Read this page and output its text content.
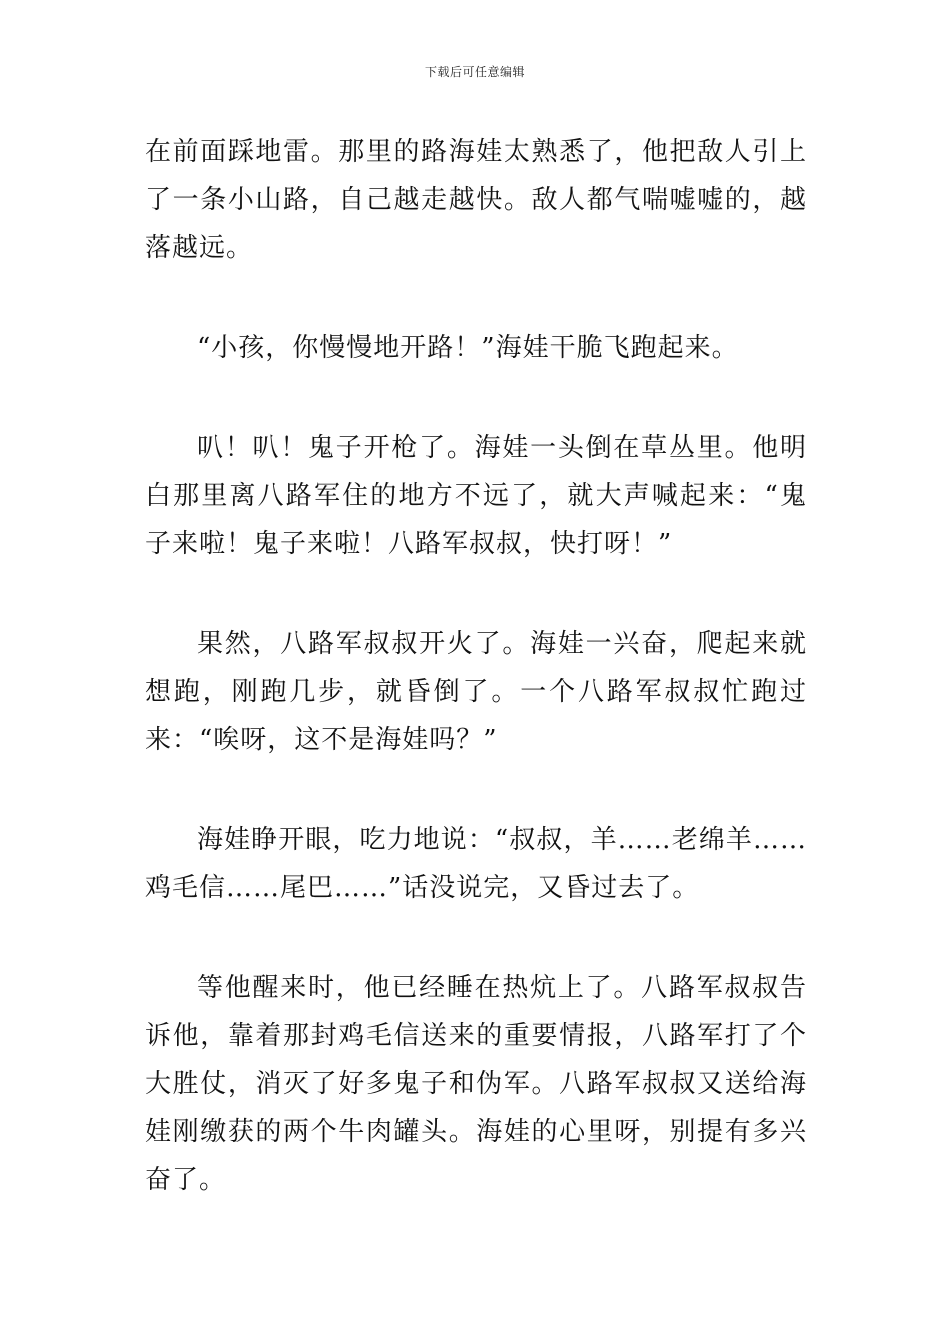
下载后可任意编辑

在前面踩地雷。那里的路海娃太熟悉了，他把敌人引上了一条小山路，自己越走越快。敌人都气喘嘘嘘的，越落越远。

“小孩，你慢慢地开路！”海娃干脆飞跑起来。

叭！叭！鬼子开枪了。海娃一头倒在草丛里。他明白那里离八路军住的地方不远了，就大声喊起来：“鬼子来啦！鬼子来啦！八路军叔叔，快打呀！”

果然，八路军叔叔开火了。海娃一兴奋，爬起来就想跑，刚跑几步，就昏倒了。一个八路军叔叔忙跑过来：“唉呀，这不是海娃吗？”

海娃睁开眼，吃力地说：“叔叔，羊……老绵羊……鸡毛信……尾巴……”话没说完，又昏过去了。

等他醒来时，他已经睡在热炕上了。八路军叔叔告诉他，靠着那封鸡毛信送来的重要情报，八路军打了个大胜仗，消灭了好多鬼子和伪军。八路军叔叔又送给海娃刚缴获的两个牛肉罐头。海娃的心里呀，别提有多兴奋了。
